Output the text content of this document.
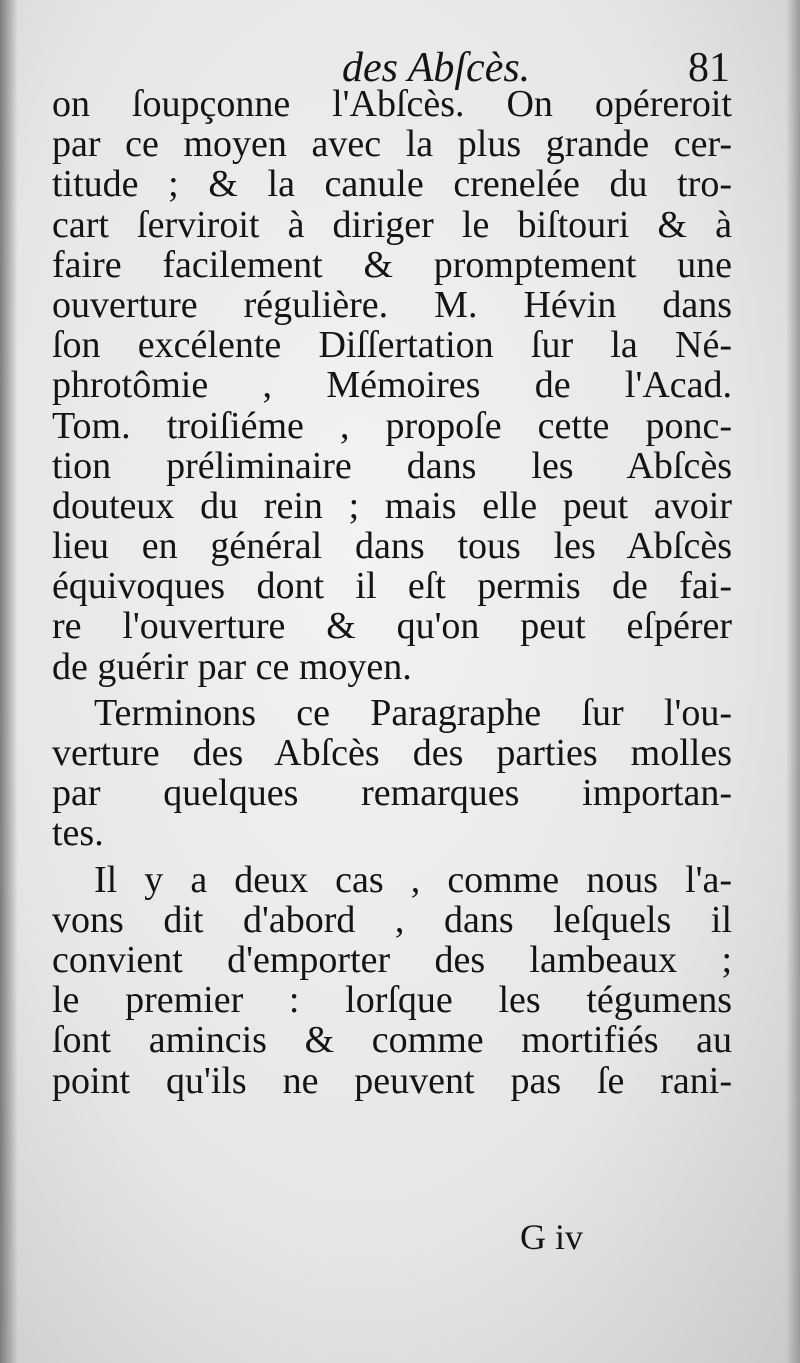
des Abſcès.	81
on ſoupçonne l'Abſcès. On opéreroit
par ce moyen avec la plus grande cer-
titude ; & la canule crenelée du tro-
cart ſerviroit à diriger le biſtouri & à
faire facilement & promptement une
ouverture régulière. M. Hévin dans
ſon excélente Diſſertation ſur la Né-
phrotômie , Mémoires de l'Acad.
Tom. troiſiéme , propoſe cette ponc-
tion préliminaire dans les Abſcès
douteux du rein ; mais elle peut avoir
lieu en général dans tous les Abſcès
équivoques dont il eſt permis de fai-
re l'ouverture & qu'on peut eſpérer
de guérir par ce moyen.
Terminons ce Paragraphe ſur l'ou-
verture des Abſcès des parties molles
par quelques remarques importan-
tes.
Il y a deux cas , comme nous l'a-
vons dit d'abord , dans leſquels il
convient d'emporter des lambeaux ;
le premier : lorſque les tégumens
ſont amincis & comme mortifiés au
point qu'ils ne peuvent pas ſe rani-
G iv
